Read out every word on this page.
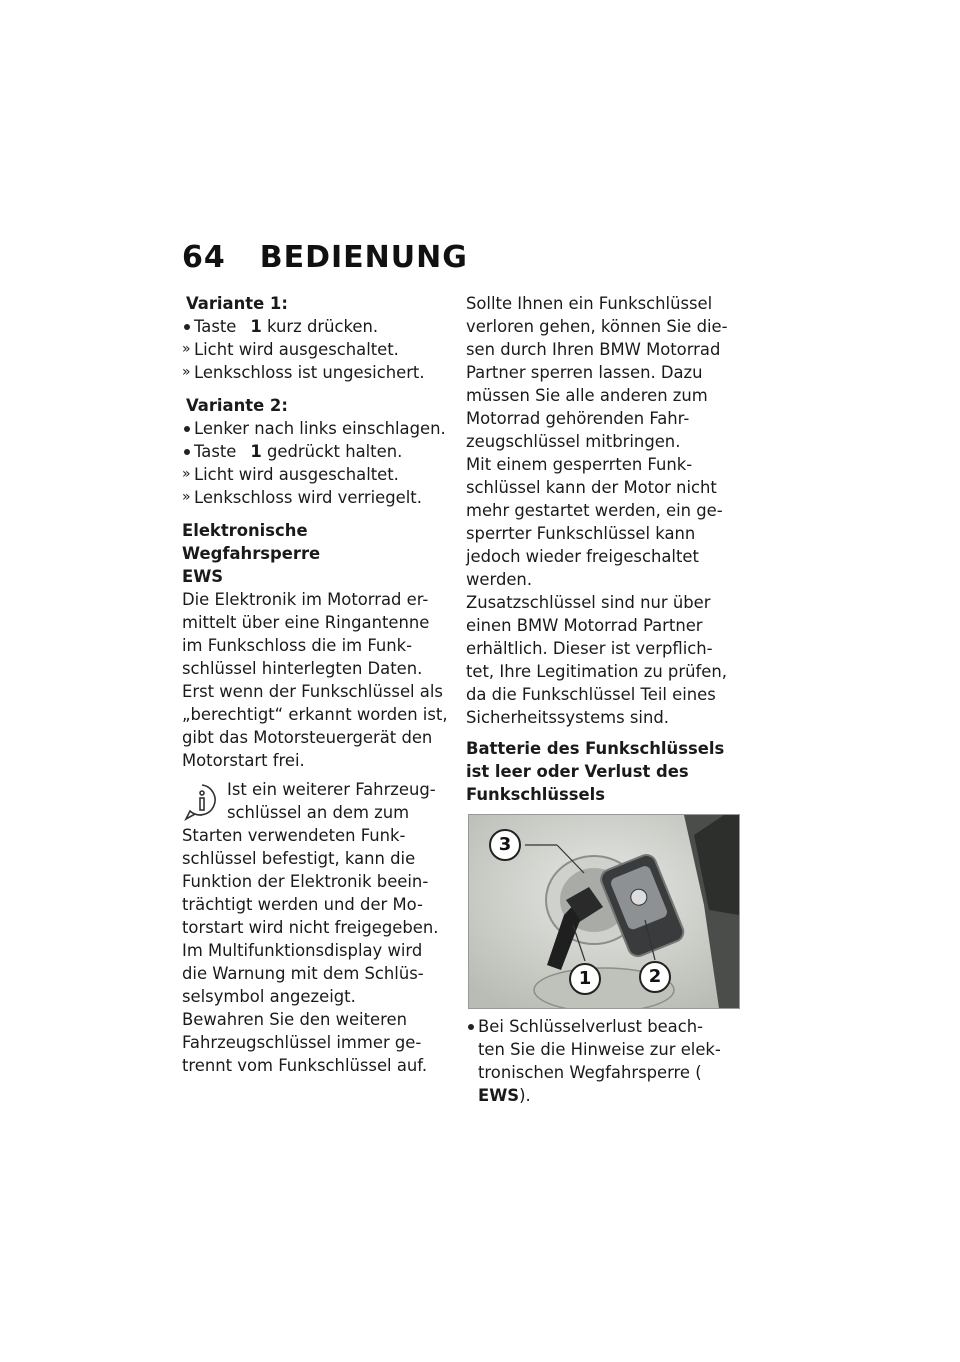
64 BEDIENUNG

Variante 1:

Taste 1 kurz drücken.

» Licht wird ausgeschaltet.

» Lenkschloss ist ungesichert.

Variante 2:

Lenker nach links einschlagen.

Taste 1 gedrückt halten.

» Licht wird ausgeschaltet.

» Lenkschloss wird verriegelt.

Elektronische Wegfahrsperre
EWS

Die Elektronik im Motorrad er-
mittelt über eine Ringantenne
im Funkschloss die im Funk-
schlüssel hinterlegten Daten.
Erst wenn der Funkschlüssel als
„berechtigt“ erkannt worden ist,
gibt das Motorsteuergerät den
Motorstart frei.

Ist ein weiterer Fahrzeug-
schlüssel an dem zum
Starten verwendeten Funk-
schlüssel befestigt, kann die
Funktion der Elektronik beein-
trächtigt werden und der Mo-
torstart wird nicht freigegeben.
Im Multifunktionsdisplay wird
die Warnung mit dem Schlüs-
selsymbol angezeigt.

Bewahren Sie den weiteren
Fahrzeugschlüssel immer ge-
trennt vom Funkschlüssel auf.

Sollte Ihnen ein Funkschlüssel
verloren gehen, können Sie die-
sen durch Ihren BMW Motorrad
Partner sperren lassen. Dazu
müssen Sie alle anderen zum
Motorrad gehörenden Fahr-
zeugschlüssel mitbringen.
Mit einem gesperrten Funk-
schlüssel kann der Motor nicht
mehr gestartet werden, ein ge-
sperrter Funkschlüssel kann
jedoch wieder freigeschaltet
werden.
Zusatzschlüssel sind nur über
einen BMW Motorrad Partner
erhältlich. Dieser ist verpflich-
tet, Ihre Legitimation zu prüfen,
da die Funkschlüssel Teil eines
Sicherheitssystems sind.

Batterie des Funkschlüssels
ist leer oder Verlust des
Funkschlüssels

3
1	2

Bei Schlüsselverlust beach-
ten Sie die Hinweise zur elek-
tronischen Wegfahrsperre (
EWS).
